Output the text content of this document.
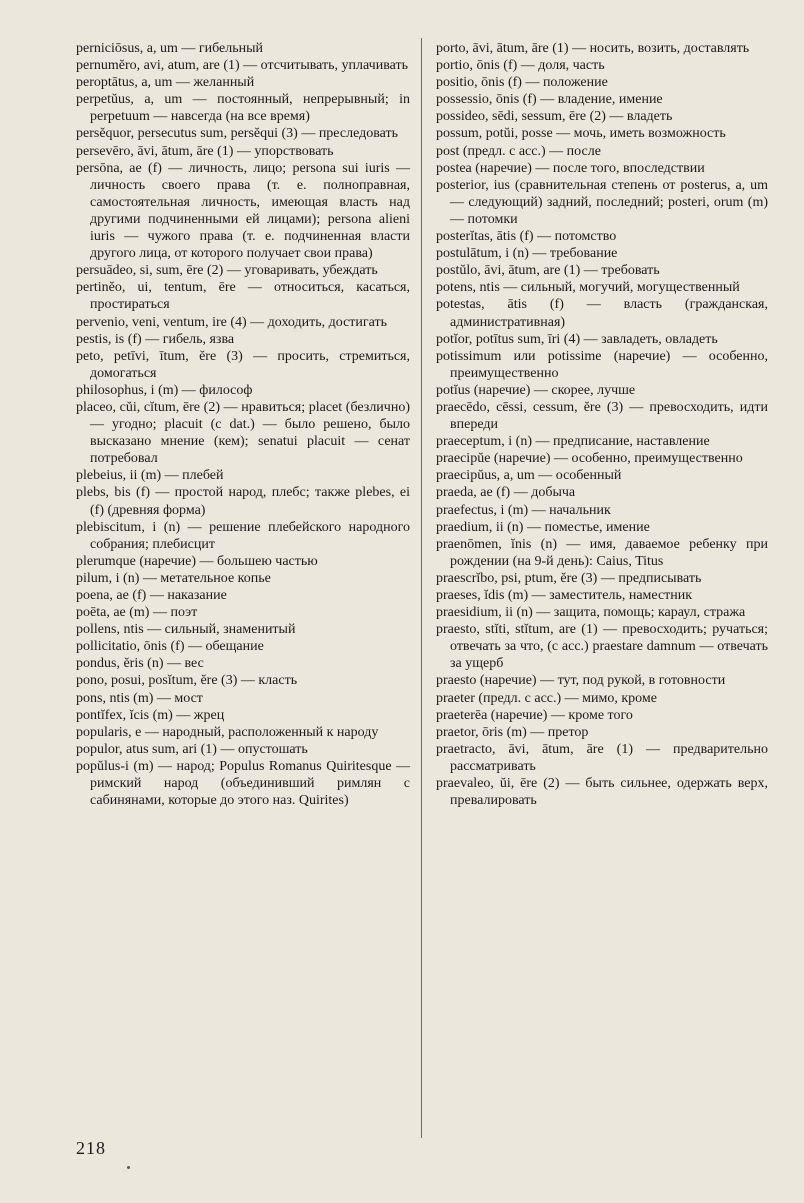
perniciōsus, a, um — гибельный

pernumĕro, avi, atum, are (1) — отсчитывать, уплачивать

peroptātus, a, um — желанный

perpetŭus, a, um — постоянный, непрерывный; in perpetuum — навсегда (на все время)

persĕquor, persecutus sum, persĕqui (3) — преследовать

persevēro, āvi, ātum, āre (1) — упорствовать

persōna, ae (f) — личность, лицо; persona sui iuris — личность своего права (т. е. полноправная, самостоятельная личность, имеющая власть над другими подчиненными ей лицами); persona alieni iuris — чужого права (т. е. подчиненная власти другого лица, от которого получает свои права)

persuādeo, si, sum, ēre (2) — уговаривать, убеждать

pertinĕo, ui, tentum, ēre — относиться, касаться, простираться

pervenio, veni, ventum, ire (4) — доходить, достигать

pestis, is (f) — гибель, язва

peto, petīvi, ītum, ĕre (3) — просить, стремиться, домогаться

philosophus, i (m) — философ

placeo, cŭi, cĭtum, ēre (2) — нравиться; placet (безлично) — угодно; placuit (c dat.) — было решено, было высказано мнение (кем); senatui placuit — сенат потребовал

plebeius, ii (m) — плебей

plebs, bis (f) — простой народ, плебс; также plebes, ei (f) (древняя форма)

plebiscitum, i (n) — решение плебейского народного собрания; плебисцит

plerumque (наречие) — большею частью

pilum, i (n) — метательное копье

poena, ae (f) — наказание

poēta, ae (m) — поэт

pollens, ntis — сильный, знаменитый

pollicitatio, ōnis (f) — обещание

pondus, ĕris (n) — вес

pono, posui, posĭtum, ĕre (3) — класть

pons, ntis (m) — мост

pontĭfex, ĭcis (m) — жрец

popularis, e — народный, расположенный к народу

populor, atus sum, ari (1) — опустошать

popŭlus-i (m) — народ; Populus Romanus Quiritesque — римский народ (объединивший римлян с сабинянами, которые до этого наз. Quirites)

porto, āvi, ātum, āre (1) — носить, возить, доставлять

portio, ōnis (f) — доля, часть

positio, ōnis (f) — положение

possessio, ōnis (f) — владение, имение

possideo, sēdi, sessum, ēre (2) — владеть

possum, potŭi, posse — мочь, иметь возможность

post (предл. с acc.) — после

postea (наречие) — после того, впоследствии

posterior, ius (сравнительная степень от posterus, a, um — следующий) задний, последний; posteri, orum (m) — потомки

posterĭtas, ātis (f) — потомство

postulātum, i (n) — требование

postŭlo, āvi, ātum, are (1) — требовать

potens, ntis — сильный, могучий, могущественный

potestas, ātis (f) — власть (гражданская, административная)

potĭor, potītus sum, īri (4) — завладеть, овладеть

potissimum или potissime (наречие) — особенно, преимущественно

potĭus (наречие) — скорее, лучше

praecēdo, cēssi, cessum, ĕre (3) — превосходить, идти впереди

praeceptum, i (n) — предписание, наставление

praecipŭe (наречие) — особенно, преимущественно

praecipŭus, a, um — особенный

praeda, ae (f) — добыча

praefectus, i (m) — начальник

praedium, ii (n) — поместье, имение

praenōmen, ĭnis (n) — имя, даваемое ребенку при рождении (на 9-й день): Caius, Titus

praescrĭbo, psi, ptum, ĕre (3) — предписывать

praeses, ĭdis (m) — заместитель, наместник

praesidium, ii (n) — защита, помощь; караул, стража

praesto, stĭti, stĭtum, are (1) — превосходить; ручаться; отвечать за что, (с acc.) praestare damnum — отвечать за ущерб

praesto (наречие) — тут, под рукой, в готовности

praeter (предл. с acc.) — мимо, кроме

praeterēa (наречие) — кроме того

praetor, ōris (m) — претор

praetracto, āvi, ātum, āre (1) — предварительно рассматривать

praevaleo, ŭi, ēre (2) — быть сильнее, одержать верх, превалировать

218
